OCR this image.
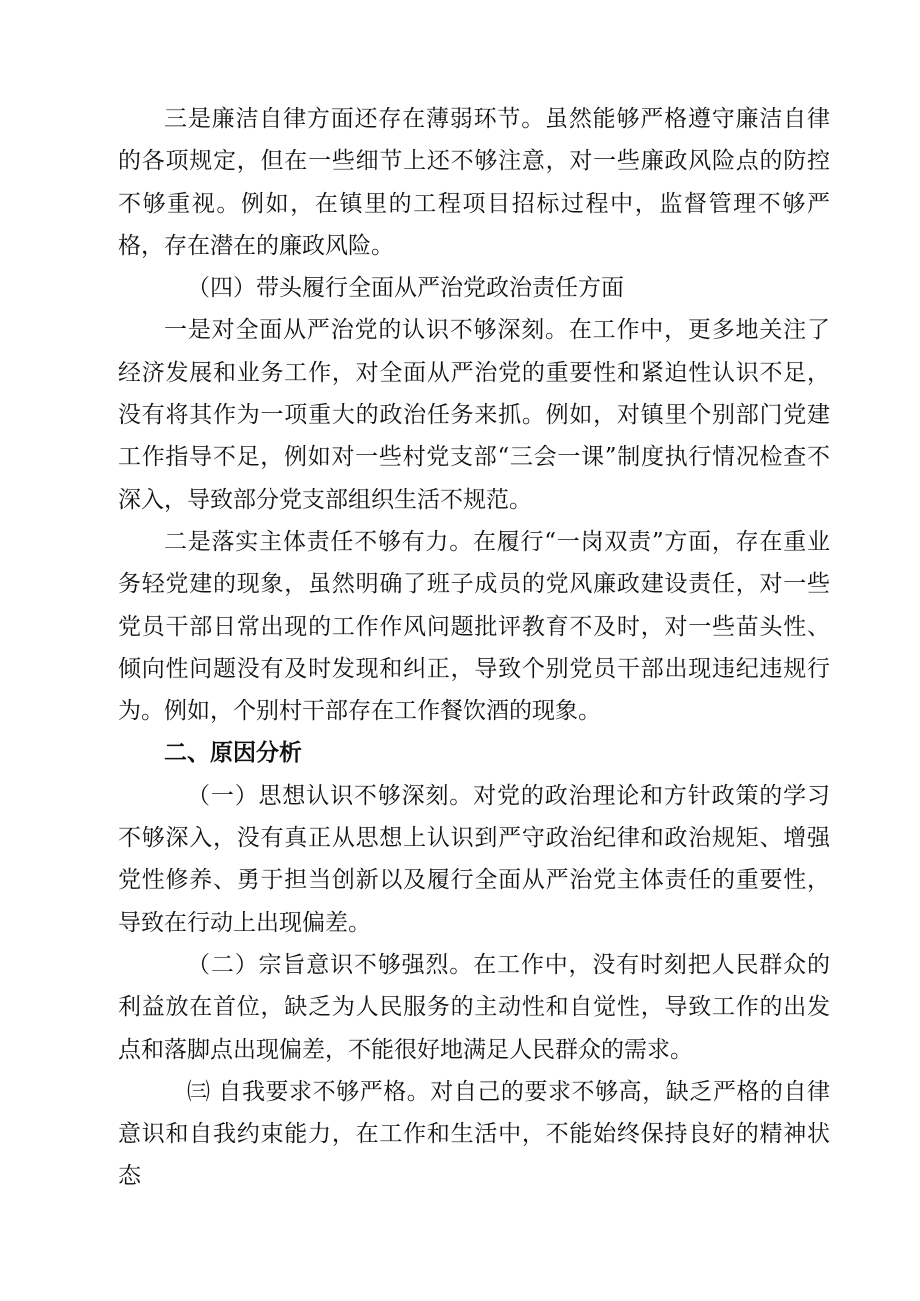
三是廉洁自律方面还存在薄弱环节。虽然能够严格遵守廉洁自律的各项规定，但在一些细节上还不够注意，对一些廉政风险点的防控不够重视。例如，在镇里的工程项目招标过程中，监督管理不够严格，存在潜在的廉政风险。

（四）带头履行全面从严治党政治责任方面

一是对全面从严治党的认识不够深刻。在工作中，更多地关注了经济发展和业务工作，对全面从严治党的重要性和紧迫性认识不足，没有将其作为一项重大的政治任务来抓。例如，对镇里个别部门党建工作指导不足，例如对一些村党支部“三会一课”制度执行情况检查不深入，导致部分党支部组织生活不规范。

二是落实主体责任不够有力。在履行“一岗双责”方面，存在重业务轻党建的现象，虽然明确了班子成员的党风廉政建设责任，对一些党员干部日常出现的工作作风问题批评教育不及时，对一些苗头性、倾向性问题没有及时发现和纠正，导致个别党员干部出现违纪违规行为。例如，个别村干部存在工作餐饮酒的现象。

二、原因分析

（一）思想认识不够深刻。对党的政治理论和方针政策的学习不够深入，没有真正从思想上认识到严守政治纪律和政治规矩、增强党性修养、勇于担当创新以及履行全面从严治党主体责任的重要性，导致在行动上出现偏差。

（二）宗旨意识不够强烈。在工作中，没有时刻把人民群众的利益放在首位，缺乏为人民服务的主动性和自觉性，导致工作的出发点和落脚点出现偏差，不能很好地满足人民群众的需求。

㈢ 自我要求不够严格。对自己的要求不够高，缺乏严格的自律意识和自我约束能力，在工作和生活中，不能始终保持良好的精神状态
